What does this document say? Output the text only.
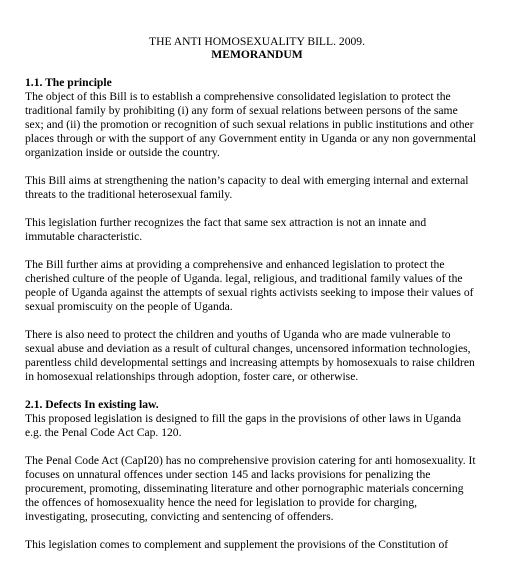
THE ANTI HOMOSEXUALITY BILL. 2009.
MEMORANDUM
1.1. The principle
The object of this Bill is to establish a comprehensive consolidated legislation to protect the
traditional family by prohibiting (i) any form of sexual relations between persons of the same
sex; and (ii) the promotion or recognition of such sexual relations in public institutions and other
places through or with the support of any Government entity in Uganda or any non governmental
organization inside or outside the country.
This Bill aims at strengthening the nation’s capacity to deal with emerging internal and external
threats to the traditional heterosexual family.
This legislation further recognizes the fact that same sex attraction is not an innate and
immutable characteristic.
The Bill further aims at providing a comprehensive and enhanced legislation to protect the
cherished culture of the people of Uganda. legal, religious, and traditional family values of the
people of Uganda against the attempts of sexual rights activists seeking to impose their values of
sexual promiscuity on the people of Uganda.
There is also need to protect the children and youths of Uganda who are made vulnerable to
sexual abuse and deviation as a result of cultural changes, uncensored information technologies,
parentless child developmental settings and increasing attempts by homosexuals to raise children
in homosexual relationships through adoption, foster care, or otherwise.
2.1. Defects In existing law.
This proposed legislation is designed to fill the gaps in the provisions of other laws in Uganda
e.g. the Penal Code Act Cap. 120.
The Penal Code Act (CapI20) has no comprehensive provision catering for anti homosexuality. It
focuses on unnatural offences under section 145 and lacks provisions for penalizing the
procurement, promoting, disseminating literature and other pornographic materials concerning
the offences of homosexuality hence the need for legislation to provide for charging,
investigating, prosecuting, convicting and sentencing of offenders.
This legislation comes to complement and supplement the provisions of the Constitution of
